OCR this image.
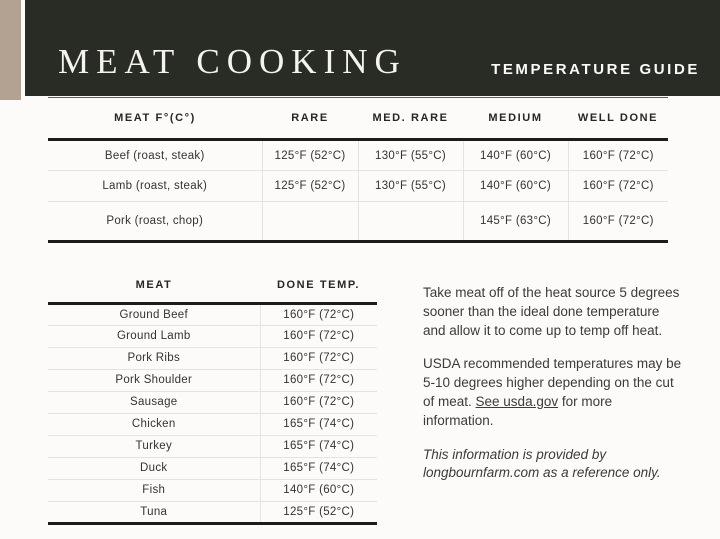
MEAT COOKING	TEMPERATURE GUIDE
MEAT F°(C°)	RARE	MED. RARE	MEDIUM	WELL DONE
Beef (roast, steak)	125°F (52°C)	130°F (55°C)	140°F (60°C)	160°F (72°C)
Lamb (roast, steak)	125°F (52°C)	130°F (55°C)	140°F (60°C)	160°F (72°C)
Pork (roast, chop)			145°F (63°C)	160°F (72°C)
MEAT	DONE TEMP.
Ground Beef	160°F (72°C)
Ground Lamb	160°F (72°C)
Pork Ribs	160°F (72°C)
Pork Shoulder	160°F (72°C)
Sausage	160°F (72°C)
Chicken	165°F (74°C)
Turkey	165°F (74°C)
Duck	165°F (74°C)
Fish	140°F (60°C)
Tuna	125°F (52°C)

Take meat off of the heat source 5 degrees sooner than the ideal done temperature and allow it to come up to temp off heat.

USDA recommended temperatures may be 5-10 degrees higher depending on the cut of meat. See usda.gov for more information.

This information is provided by longbournfarm.com as a reference only.
